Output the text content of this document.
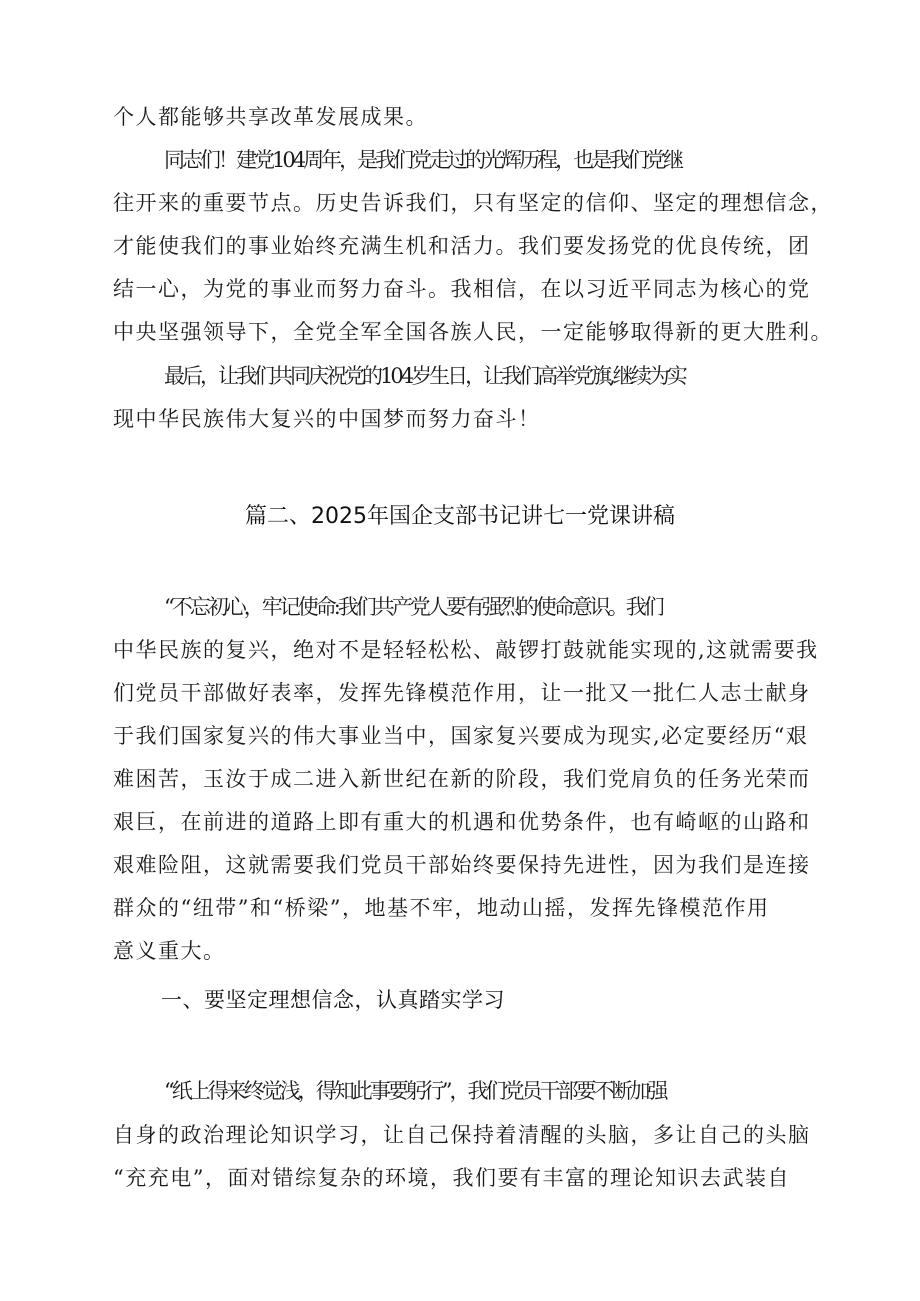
个人都能够共享改革发展成果。
同志们！建党104周年，是我们党走过的光辉历程，也是我们党继
往开来的重要节点。历史告诉我们，只有坚定的信仰、坚定的理想信念，
才能使我们的事业始终充满生机和活力。我们要发扬党的优良传统，团
结一心，为党的事业而努力奋斗。我相信，在以习近平同志为核心的党
中央坚强领导下，全党全军全国各族人民，一定能够取得新的更大胜利。
最后，让我们共同庆祝党的104岁生日，让我们高举党旗,继续为实
现中华民族伟大复兴的中国梦而努力奋斗！
篇二、2025年国企支部书记讲七一党课讲稿
“不忘初心，牢记使命:我们共产党人要有强烈的使命意识。我们
中华民族的复兴，绝对不是轻轻松松、敲锣打鼓就能实现的,这就需要我
们党员干部做好表率，发挥先锋模范作用，让一批又一批仁人志士献身
于我们国家复兴的伟大事业当中，国家复兴要成为现实,必定要经历“艰
难困苦，玉汝于成二进入新世纪在新的阶段，我们党肩负的任务光荣而
艰巨，在前进的道路上即有重大的机遇和优势条件，也有崎岖的山路和
艰难险阻，这就需要我们党员干部始终要保持先进性，因为我们是连接
群众的“纽带”和“桥梁”，地基不牢，地动山摇，发挥先锋模范作用
意义重大。
一、要坚定理想信念，认真踏实学习
“纸上得来终觉浅，得知此事要躬行”，我们党员干部要不断加强
自身的政治理论知识学习，让自己保持着清醒的头脑，多让自己的头脑
“充充电”，面对错综复杂的环境，我们要有丰富的理论知识去武装自
